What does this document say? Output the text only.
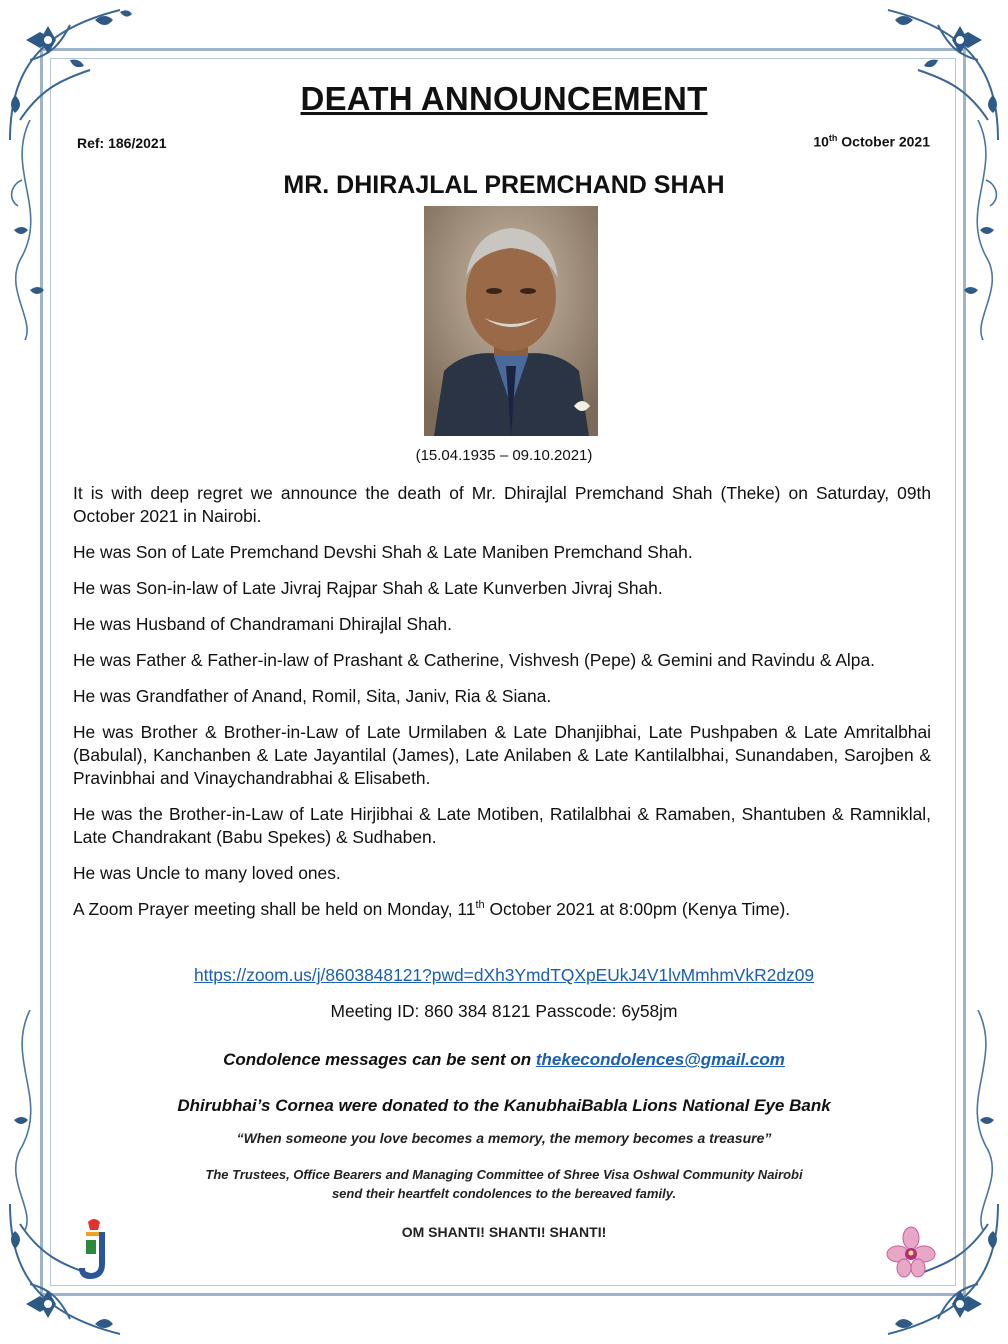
DEATH ANNOUNCEMENT
Ref: 186/2021	10th October 2021
MR. DHIRAJLAL PREMCHAND SHAH
(15.04.1935 – 09.10.2021)

It is with deep regret we announce the death of Mr. Dhirajlal Premchand Shah (Theke) on Saturday, 09th October 2021 in Nairobi.

He was Son of Late Premchand Devshi Shah & Late Maniben Premchand Shah.

He was Son-in-law of Late Jivraj Rajpar Shah & Late Kunverben Jivraj Shah.

He was Husband of Chandramani Dhirajlal Shah.

He was Father & Father-in-law of Prashant & Catherine, Vishvesh (Pepe) & Gemini and Ravindu & Alpa.

He was Grandfather of Anand, Romil, Sita, Janiv, Ria & Siana.

He was Brother & Brother-in-Law of Late Urmilaben & Late Dhanjibhai, Late Pushpaben & Late Amritalbhai (Babulal), Kanchanben & Late Jayantilal (James), Late Anilaben & Late Kantilalbhai, Sunandaben, Sarojben & Pravinbhai and Vinaychandrabhai & Elisabeth.

He was the Brother-in-Law of Late Hirjibhai & Late Motiben, Ratilalbhai & Ramaben, Shantuben & Ramniklal, Late Chandrakant (Babu Spekes) & Sudhaben.

He was Uncle to many loved ones.

A Zoom Prayer meeting shall be held on Monday, 11th October 2021 at 8:00pm (Kenya Time).

https://zoom.us/j/8603848121?pwd=dXh3YmdTQXpEUkJ4V1lvMmhmVkR2dz09
Meeting ID: 860 384 8121 Passcode: 6y58jm
Condolence messages can be sent on thekecondolences@gmail.com
Dhirubhai’s Cornea were donated to the KanubhaiBabla Lions National Eye Bank
“When someone you love becomes a memory, the memory becomes a treasure”
The Trustees, Office Bearers and Managing Committee of Shree Visa Oshwal Community Nairobi
send their heartfelt condolences to the bereaved family.
OM SHANTI! SHANTI! SHANTI!
